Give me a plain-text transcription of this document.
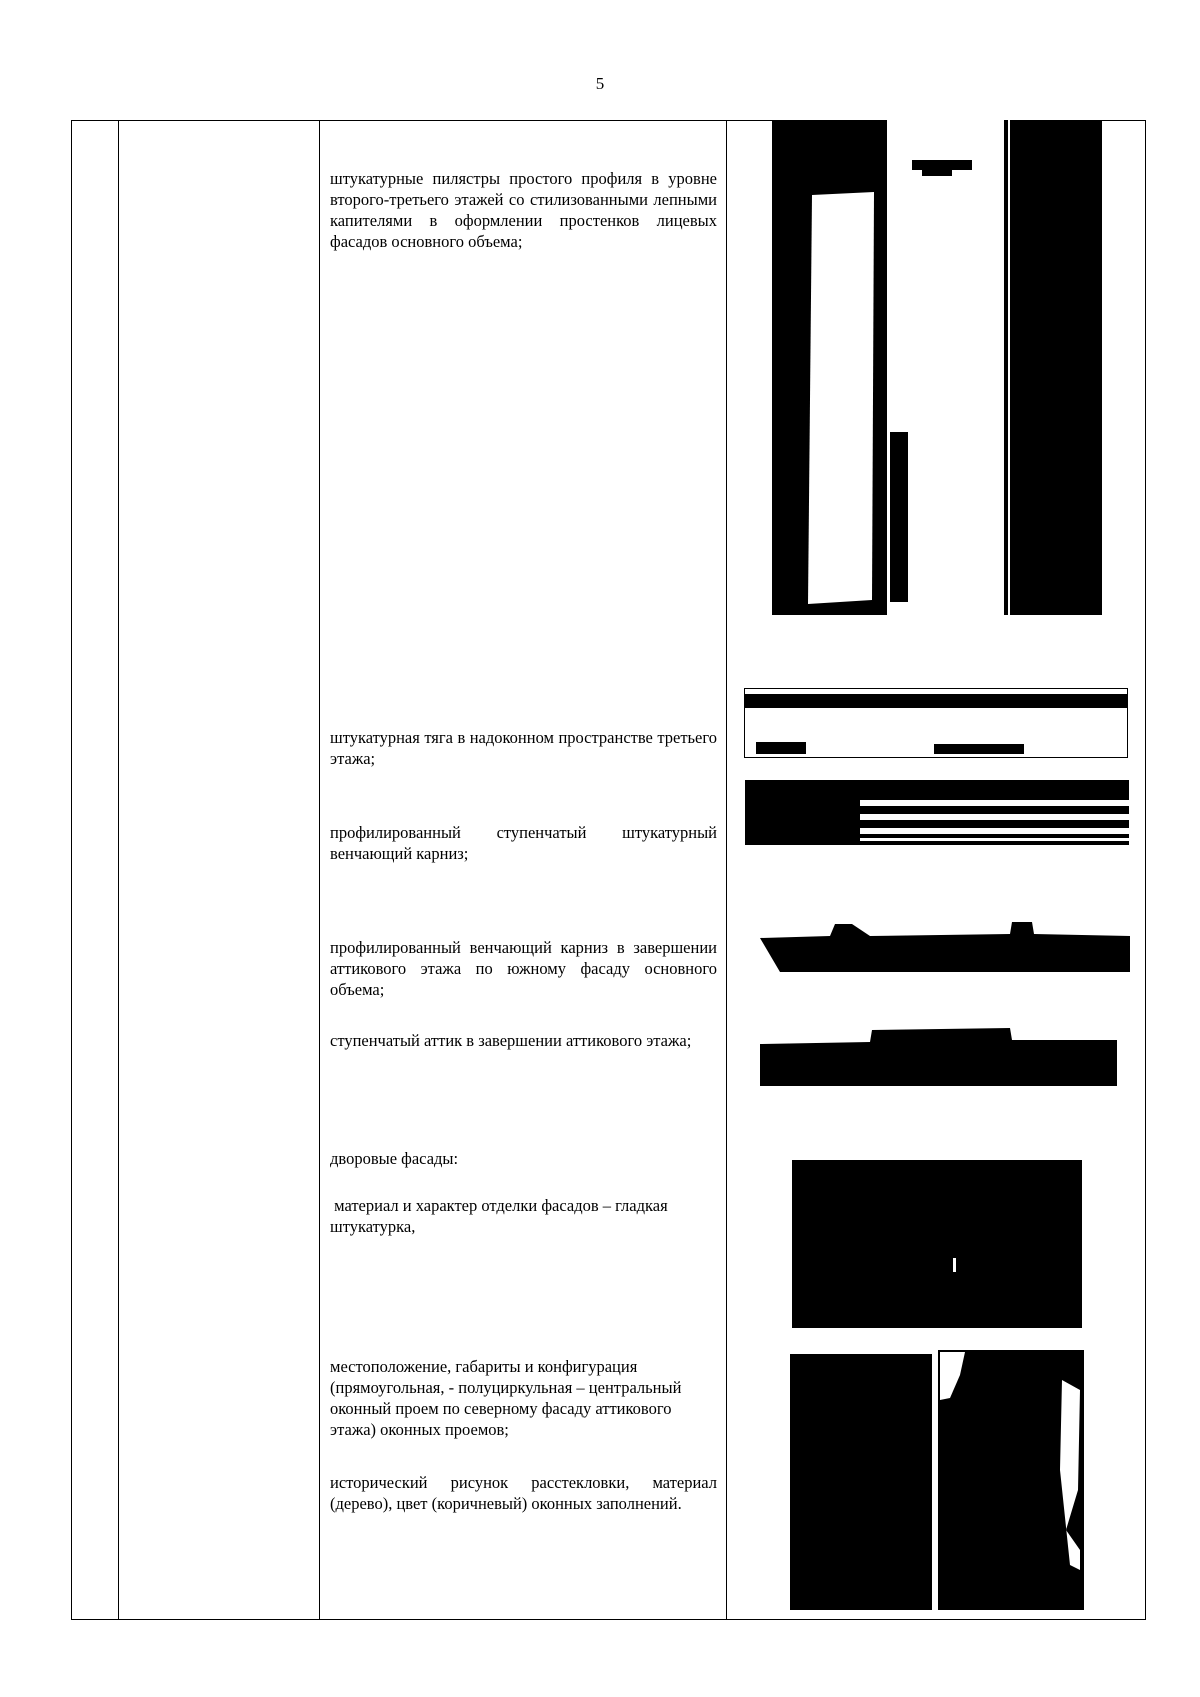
5
штукатурные пилястры простого профиля в уровне второго-третьего этажей со стилизованными лепными капителями в оформлении простенков лицевых фасадов основного объема;
штукатурная тяга в надоконном пространстве третьего этажа;
профилированный ступенчатый штукатурный венчающий карниз;
профилированный венчающий карниз в завершении аттикового этажа по южному фасаду основного объема;
ступенчатый аттик в завершении аттикового этажа;
дворовые фасады:
материал и характер отделки фасадов – гладкая штукатурка,
местоположение, габариты и конфигурация (прямоугольная, - полуциркульная – центральный оконный проем по северному фасаду аттикового этажа) оконных проемов;
исторический рисунок расстекловки, материал (дерево), цвет (коричневый) оконных заполнений.
